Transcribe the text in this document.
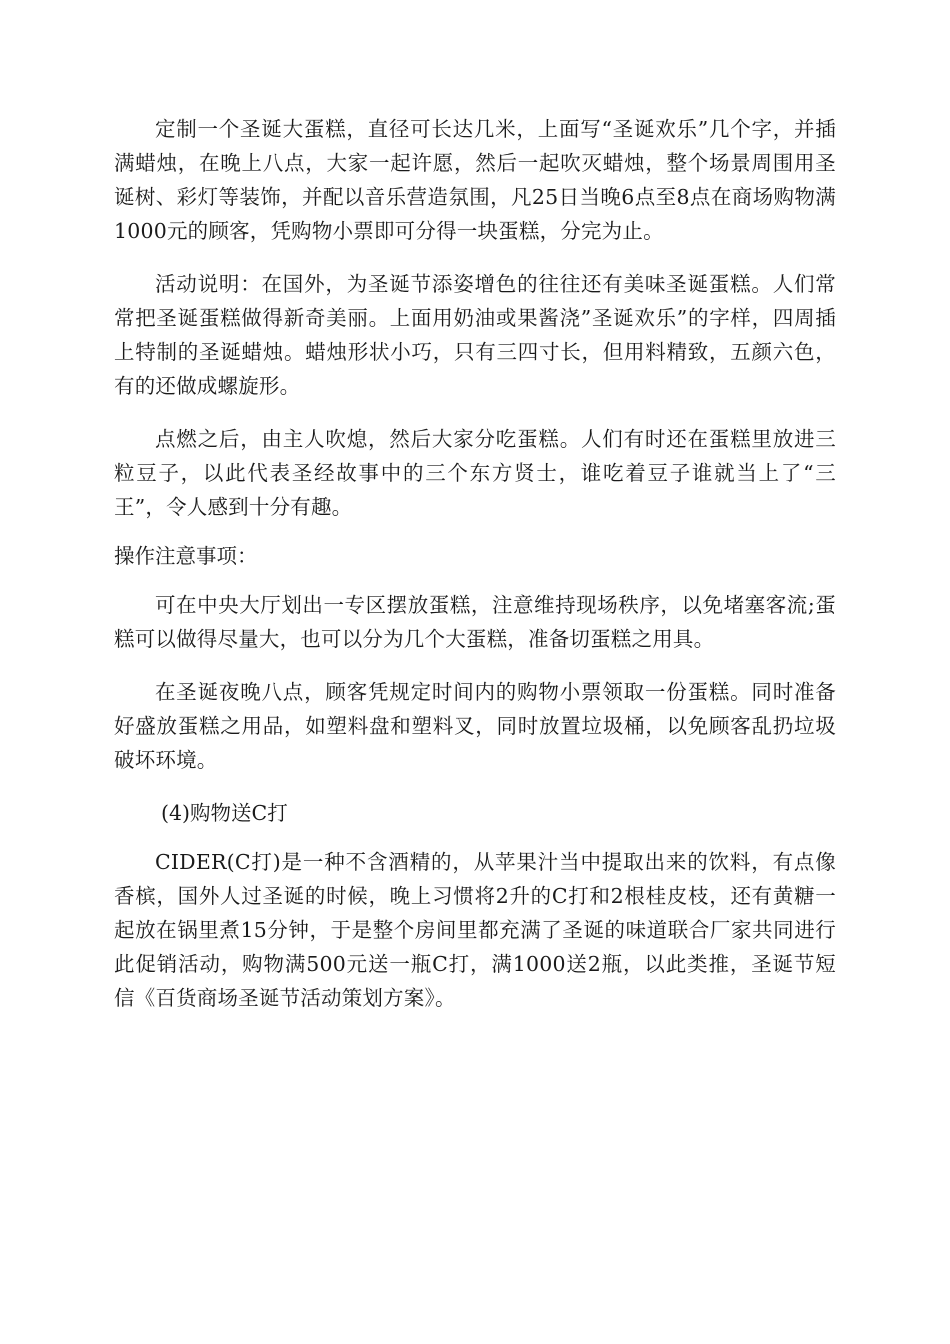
定制一个圣诞大蛋糕，直径可长达几米，上面写“圣诞欢乐”几个字，并插满蜡烛，在晚上八点，大家一起许愿，然后一起吹灭蜡烛，整个场景周围用圣诞树、彩灯等装饰，并配以音乐营造氛围，凡25日当晚6点至8点在商场购物满1000元的顾客，凭购物小票即可分得一块蛋糕，分完为止。

活动说明：在国外，为圣诞节添姿增色的往往还有美味圣诞蛋糕。人们常常把圣诞蛋糕做得新奇美丽。上面用奶油或果酱浇”圣诞欢乐”的字样，四周插上特制的圣诞蜡烛。蜡烛形状小巧，只有三四寸长，但用料精致，五颜六色，有的还做成螺旋形。

点燃之后，由主人吹熄，然后大家分吃蛋糕。人们有时还在蛋糕里放进三粒豆子，以此代表圣经故事中的三个东方贤士，谁吃着豆子谁就当上了“三王”，令人感到十分有趣。

操作注意事项：

可在中央大厅划出一专区摆放蛋糕，注意维持现场秩序，以免堵塞客流;蛋糕可以做得尽量大，也可以分为几个大蛋糕，准备切蛋糕之用具。

在圣诞夜晚八点，顾客凭规定时间内的购物小票领取一份蛋糕。同时准备好盛放蛋糕之用品，如塑料盘和塑料叉，同时放置垃圾桶，以免顾客乱扔垃圾破坏环境。

(4)购物送C打

CIDER(C打)是一种不含酒精的，从苹果汁当中提取出来的饮料，有点像香槟，国外人过圣诞的时候，晚上习惯将2升的C打和2根桂皮枝，还有黄糖一起放在锅里煮15分钟，于是整个房间里都充满了圣诞的味道联合厂家共同进行此促销活动，购物满500元送一瓶C打，满1000送2瓶，以此类推，圣诞节短信《百货商场圣诞节活动策划方案》。
